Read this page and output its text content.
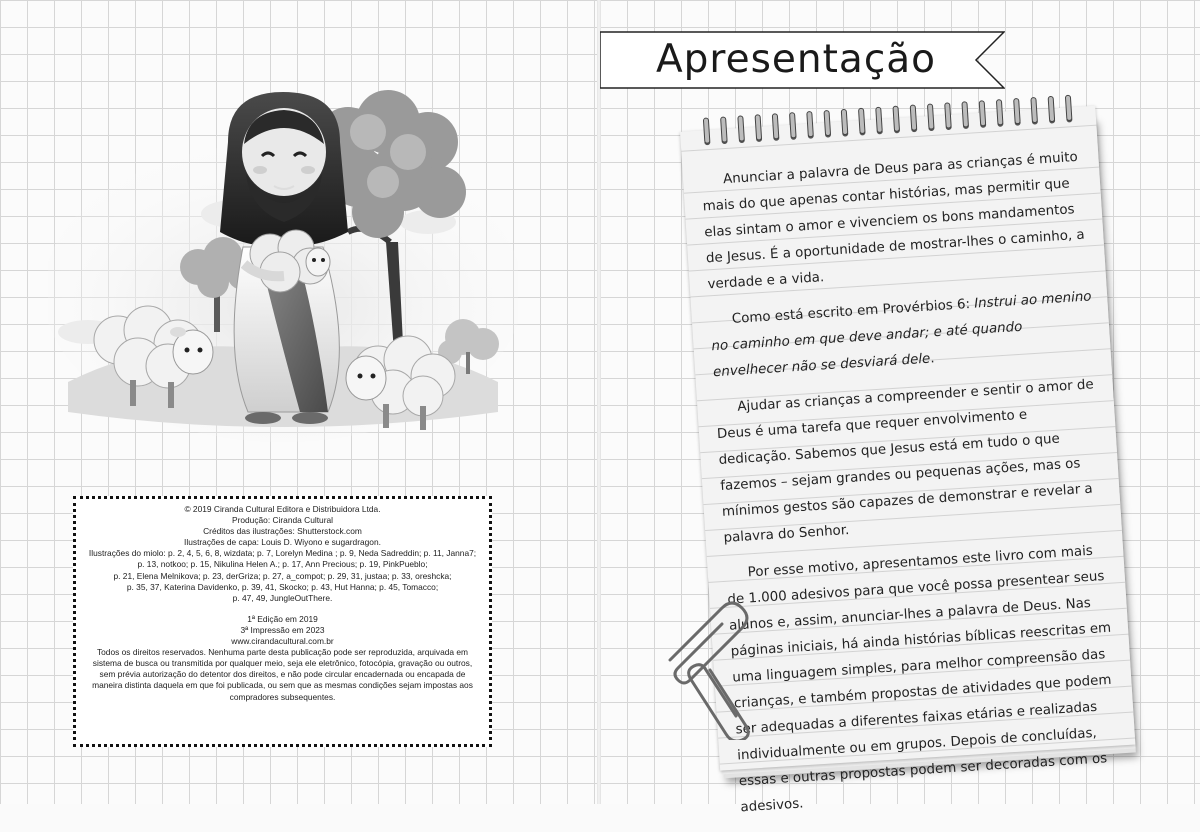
© 2019 Ciranda Cultural Editora e Distribuidora Ltda.

Produção: Ciranda Cultural

Créditos das ilustrações: Shutterstock.com

Ilustrações de capa: Louis D. Wiyono e sugardragon.

Ilustrações do miolo: p. 2, 4, 5, 6, 8, wizdata; p. 7, Lorelyn Medina ; p. 9, Neda Sadreddin; p. 11, Janna7;

p. 13, notkoo; p. 15, Nikulina Helen A.; p. 17, Ann Precious; p. 19, PinkPueblo;

p. 21, Elena Melnikova; p. 23, derGriza; p. 27, a_compot; p. 29, 31, justaa; p. 33, oreshcka;

p. 35, 37, Katerina Davidenko, p. 39, 41, Skocko; p. 43, Hut Hanna; p. 45, Tomacco;

p. 47, 49, JungleOutThere.

1ª Edição em 2019

3ª Impressão em 2023

www.cirandacultural.com.br

Todos os direitos reservados. Nenhuma parte desta publicação pode ser reproduzida, arquivada em sistema de busca ou transmitida por qualquer meio, seja ele eletrônico, fotocópia, gravação ou outros, sem prévia autorização do detentor dos direitos, e não pode circular encadernada ou encapada de maneira distinta daquela em que foi publicada, ou sem que as mesmas condições sejam impostas aos compradores subsequentes.

Apresentação

Anunciar a palavra de Deus para as crianças é muito mais do que apenas contar histórias, mas permitir que elas sintam o amor e vivenciem os bons mandamentos de Jesus. É a oportunidade de mostrar-lhes o caminho, a verdade e a vida.

Como está escrito em Provérbios 6: Instrui ao menino no caminho em que deve andar; e até quando envelhecer não se desviará dele.

Ajudar as crianças a compreender e sentir o amor de Deus é uma tarefa que requer envolvimento e dedicação. Sabemos que Jesus está em tudo o que fazemos – sejam grandes ou pequenas ações, mas os mínimos gestos são capazes de demonstrar e revelar a palavra do Senhor.

Por esse motivo, apresentamos este livro com mais de 1.000 adesivos para que você possa presentear seus alunos e, assim, anunciar-lhes a palavra de Deus. Nas páginas iniciais, há ainda histórias bíblicas reescritas em uma linguagem simples, para melhor compreensão das crianças, e também propostas de atividades que podem ser adequadas a diferentes faixas etárias e realizadas individualmente ou em grupos. Depois de concluídas, essas e outras propostas podem ser decoradas com os adesivos.
